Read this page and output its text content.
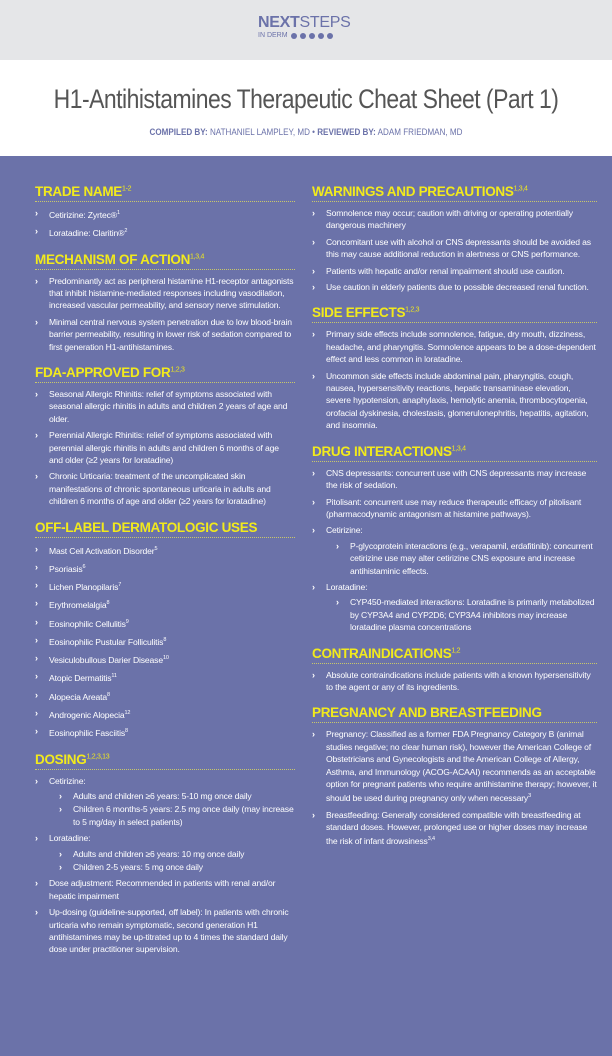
NEXTSTEPS
IN DERM
H1-Antihistamines Therapeutic Cheat Sheet (Part 1)
COMPILED BY: NATHANIEL LAMPLEY, MD • REVIEWED BY: ADAM FRIEDMAN, MD
TRADE NAME$^{1-2}$
› Cetirizine: Zyrtec®$^1$
› Loratadine: Claritin®$^2$
MECHANISM OF ACTION$^{1,3,4}$
› Predominantly act as peripheral histamine H1-receptor antagonists that inhibit histamine-mediated responses including vasodilation, increased vascular permeability, and sensory nerve stimulation.
› Minimal central nervous system penetration due to low blood-brain barrier permeability, resulting in lower risk of sedation compared to first generation H1-antihistamines.
FDA-APPROVED FOR$^{1,2,3}$
› Seasonal Allergic Rhinitis: relief of symptoms associated with seasonal allergic rhinitis in adults and children 2 years of age and older.
› Perennial Allergic Rhinitis: relief of symptoms associated with perennial allergic rhinitis in adults and children 6 months of age and older (≥2 years for loratadine)
› Chronic Urticaria: treatment of the uncomplicated skin manifestations of chronic spontaneous urticaria in adults and children 6 months of age and older (≥2 years for loratadine)
OFF-LABEL DERMATOLOGIC USES
› Mast Cell Activation Disorder$^5$
› Psoriasis$^6$
› Lichen Planopilaris$^7$
› Erythromelalgia$^8$
› Eosinophilic Cellulitis$^9$
› Eosinophilic Pustular Folliculitis$^8$
› Vesiculobullous Darier Disease$^{10}$
› Atopic Dermatitis$^{11}$
› Alopecia Areata$^8$
› Androgenic Alopecia$^{12}$
› Eosinophilic Fasciitis$^8$
DOSING$^{1,2,3,13}$
› Cetirizine:
› Adults and children ≥6 years: 5-10 mg once daily
› Children 6 months-5 years: 2.5 mg once daily (may increase to 5 mg/day in select patients)
› Loratadine:
› Adults and children ≥6 years: 10 mg once daily
› Children 2-5 years: 5 mg once daily
› Dose adjustment: Recommended in patients with renal and/or hepatic impairment
› Up-dosing (guideline-supported, off label): In patients with chronic urticaria who remain symptomatic, second generation H1 antihistamines may be up-titrated up to 4 times the standard daily dose under practitioner supervision.
WARNINGS AND PRECAUTIONS$^{1,3,4}$
› Somnolence may occur; caution with driving or operating potentially dangerous machinery
› Concomitant use with alcohol or CNS depressants should be avoided as this may cause additional reduction in alertness or CNS performance.
› Patients with hepatic and/or renal impairment should use caution.
› Use caution in elderly patients due to possible decreased renal function.
SIDE EFFECTS$^{1,2,3}$
› Primary side effects include somnolence, fatigue, dry mouth, dizziness, headache, and pharyngitis. Somnolence appears to be a dose-dependent effect and less common in loratadine.
› Uncommon side effects include abdominal pain, pharyngitis, cough, nausea, hypersensitivity reactions, hepatic transaminase elevation, severe hypotension, anaphylaxis, hemolytic anemia, thrombocytopenia, orofacial dyskinesia, cholestasis, glomerulonephritis, hepatitis, agitation, and insomnia.
DRUG INTERACTIONS$^{1,3,4}$
› CNS depressants: concurrent use with CNS depressants may increase the risk of sedation.
› Pitolisant: concurrent use may reduce therapeutic efficacy of pitolisant (pharmacodynamic antagonism at histamine pathways).
› Cetirizine:
› P-glycoprotein interactions (e.g., verapamil, erdafitinib): concurrent cetirizine use may alter cetirizine CNS exposure and increase antihistaminic effects.
› Loratadine:
› CYP450-mediated interactions: Loratadine is primarily metabolized by CYP3A4 and CYP2D6; CYP3A4 inhibitors may increase loratadine plasma concentrations
CONTRAINDICATIONS$^{1,2}$
› Absolute contraindications include patients with a known hypersensitivity to the agent or any of its ingredients.
PREGNANCY AND BREASTFEEDING
› Pregnancy: Classified as a former FDA Pregnancy Category B (animal studies negative; no clear human risk), however the American College of Obstetricians and Gynecologists and the American College of Allergy, Asthma, and Immunology (ACOG-ACAAI) recommends as an acceptable option for pregnant patients who require antihistamine therapy; however, it should be used during pregnancy only when necessary$^3$
› Breastfeeding: Generally considered compatible with breastfeeding at standard doses. However, prolonged use or higher doses may increase the risk of infant drowsiness$^{3,4}$
